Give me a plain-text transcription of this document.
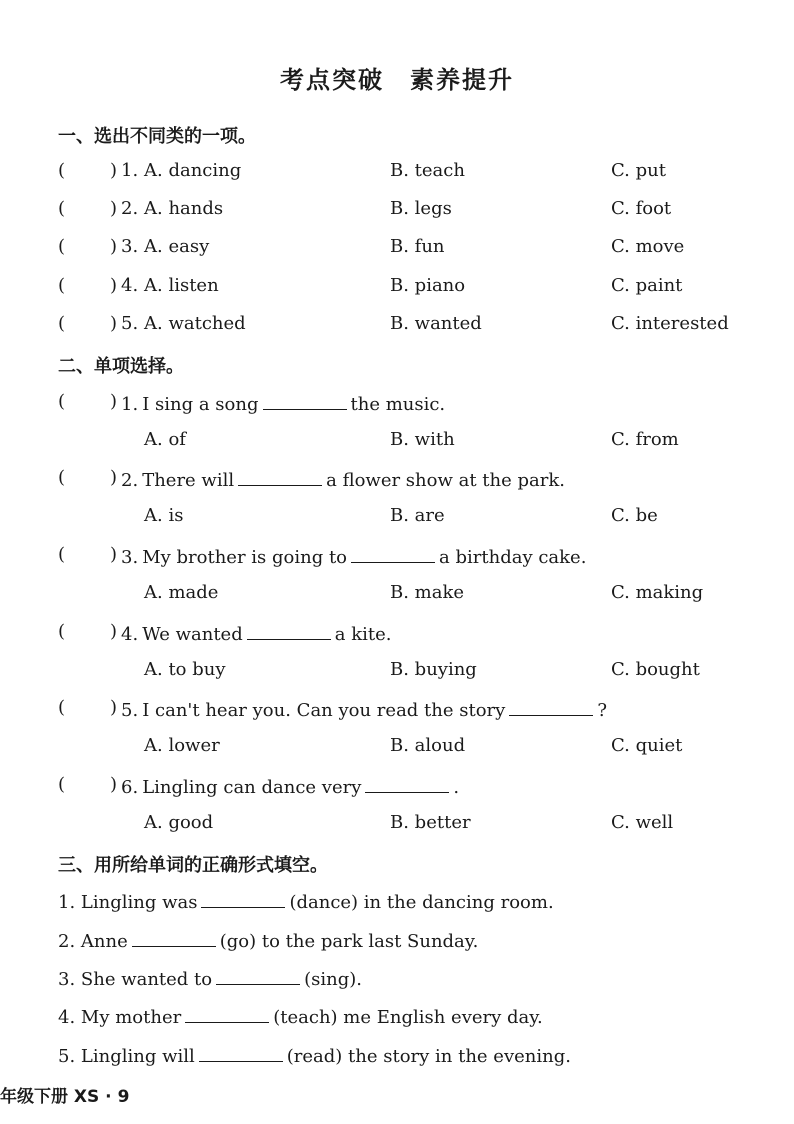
考点突破　素养提升
一、选出不同类的一项。
( ) 1. A. dancing	B. teach	C. put
( ) 2. A. hands	B. legs	C. foot
( ) 3. A. easy	B. fun	C. move
( ) 4. A. listen	B. piano	C. paint
( ) 5. A. watched	B. wanted	C. interested
二、单项选择。
( ) 1. I sing a song	the music.
A. of	B. with	C. from
( ) 2. There will	a flower show at the park.
A. is	B. are	C. be
( ) 3. My brother is going to	a birthday cake.
A. made	B. make	C. making
( ) 4. We wanted	a kite.
A. to buy	B. buying	C. bought
( ) 5. I can't hear you. Can you read the story	?
A. lower	B. aloud	C. quiet
( ) 6. Lingling can dance very	.
A. good	B. better	C. well
三、用所给单词的正确形式填空。
1. Lingling was	(dance) in the dancing room.
2. Anne	(go) to the park last Sunday.
3. She wanted to	(sing).
4. My mother	(teach) me English every day.
5. Lingling will	(read) the story in the evening.
年级下册 XS · 9
